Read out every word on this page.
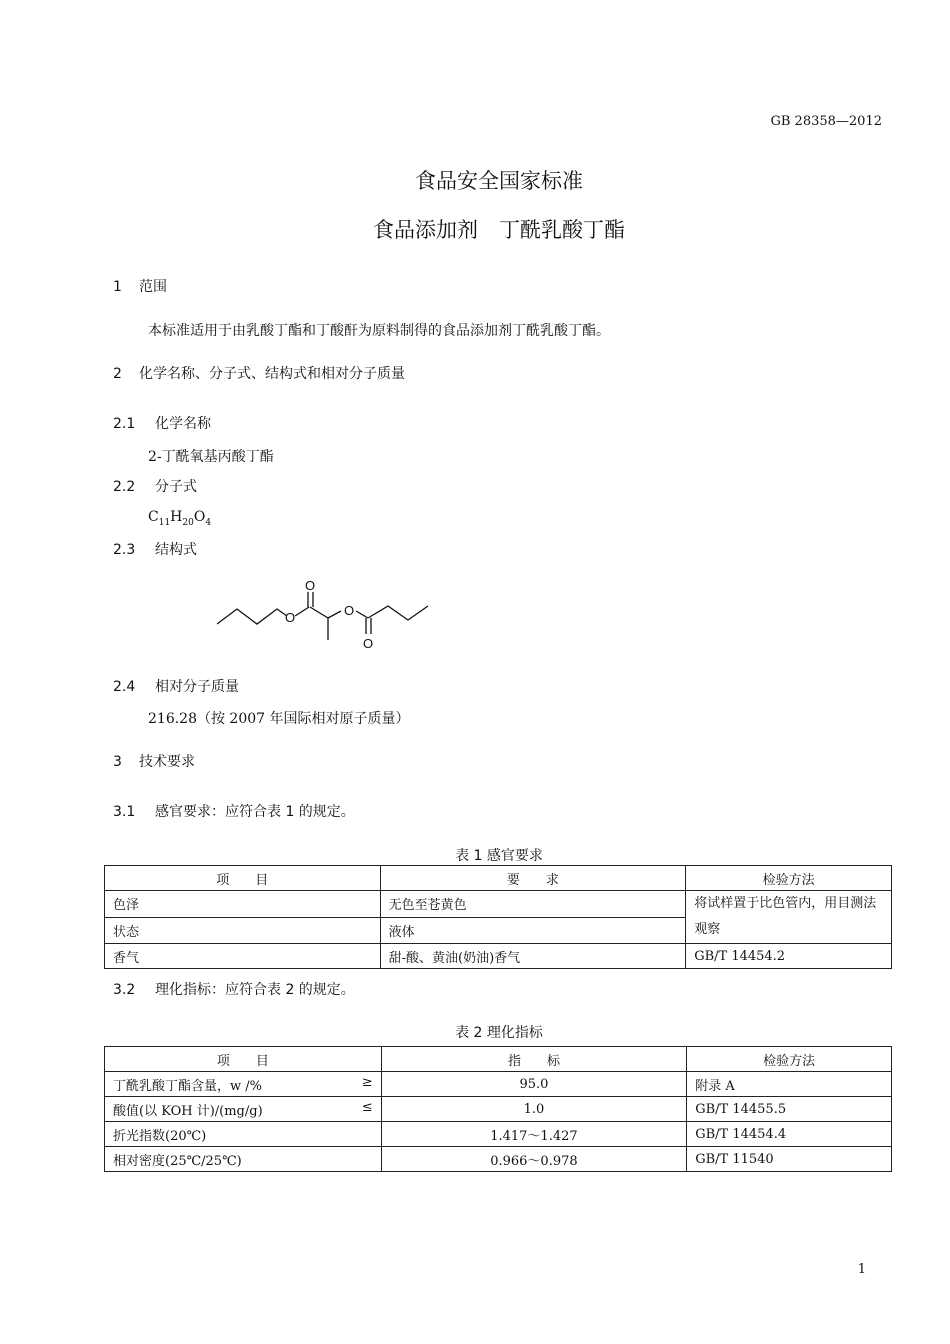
GB 28358—2012
食品安全国家标准
食品添加剂　丁酰乳酸丁酯
1 范围
本标准适用于由乳酸丁酯和丁酸酐为原料制得的食品添加剂丁酰乳酸丁酯。
2 化学名称、分子式、结构式和相对分子质量
2.1 化学名称
2-丁酰氧基丙酸丁酯
2.2 分子式
$C_{11}H_{20}O_4$
2.3 结构式
O
O
O
O
2.4 相对分子质量
216.28（按 2007 年国际相对原子质量）
3 技术要求
3.1 感官要求：应符合表 1 的规定。
表 1 感官要求
项　　目	要　　求	检验方法
色泽	无色至苍黄色	将试样置于比色管内，用目测法观察
状态	液体	
香气	甜-酸、黄油(奶油)香气	GB/T 14454.2
3.2 理化指标：应符合表 2 的规定。
表 2 理化指标
项　　目	指　　标	检验方法
丁酰乳酸丁酯含量，w /% ≥	95.0	附录 A
酸值(以 KOH 计)/(mg/g) ≤	1.0	GB/T 14455.5
折光指数(20℃)	1.417～1.427	GB/T 14454.4
相对密度(25℃/25℃)	0.966～0.978	GB/T 11540
1
